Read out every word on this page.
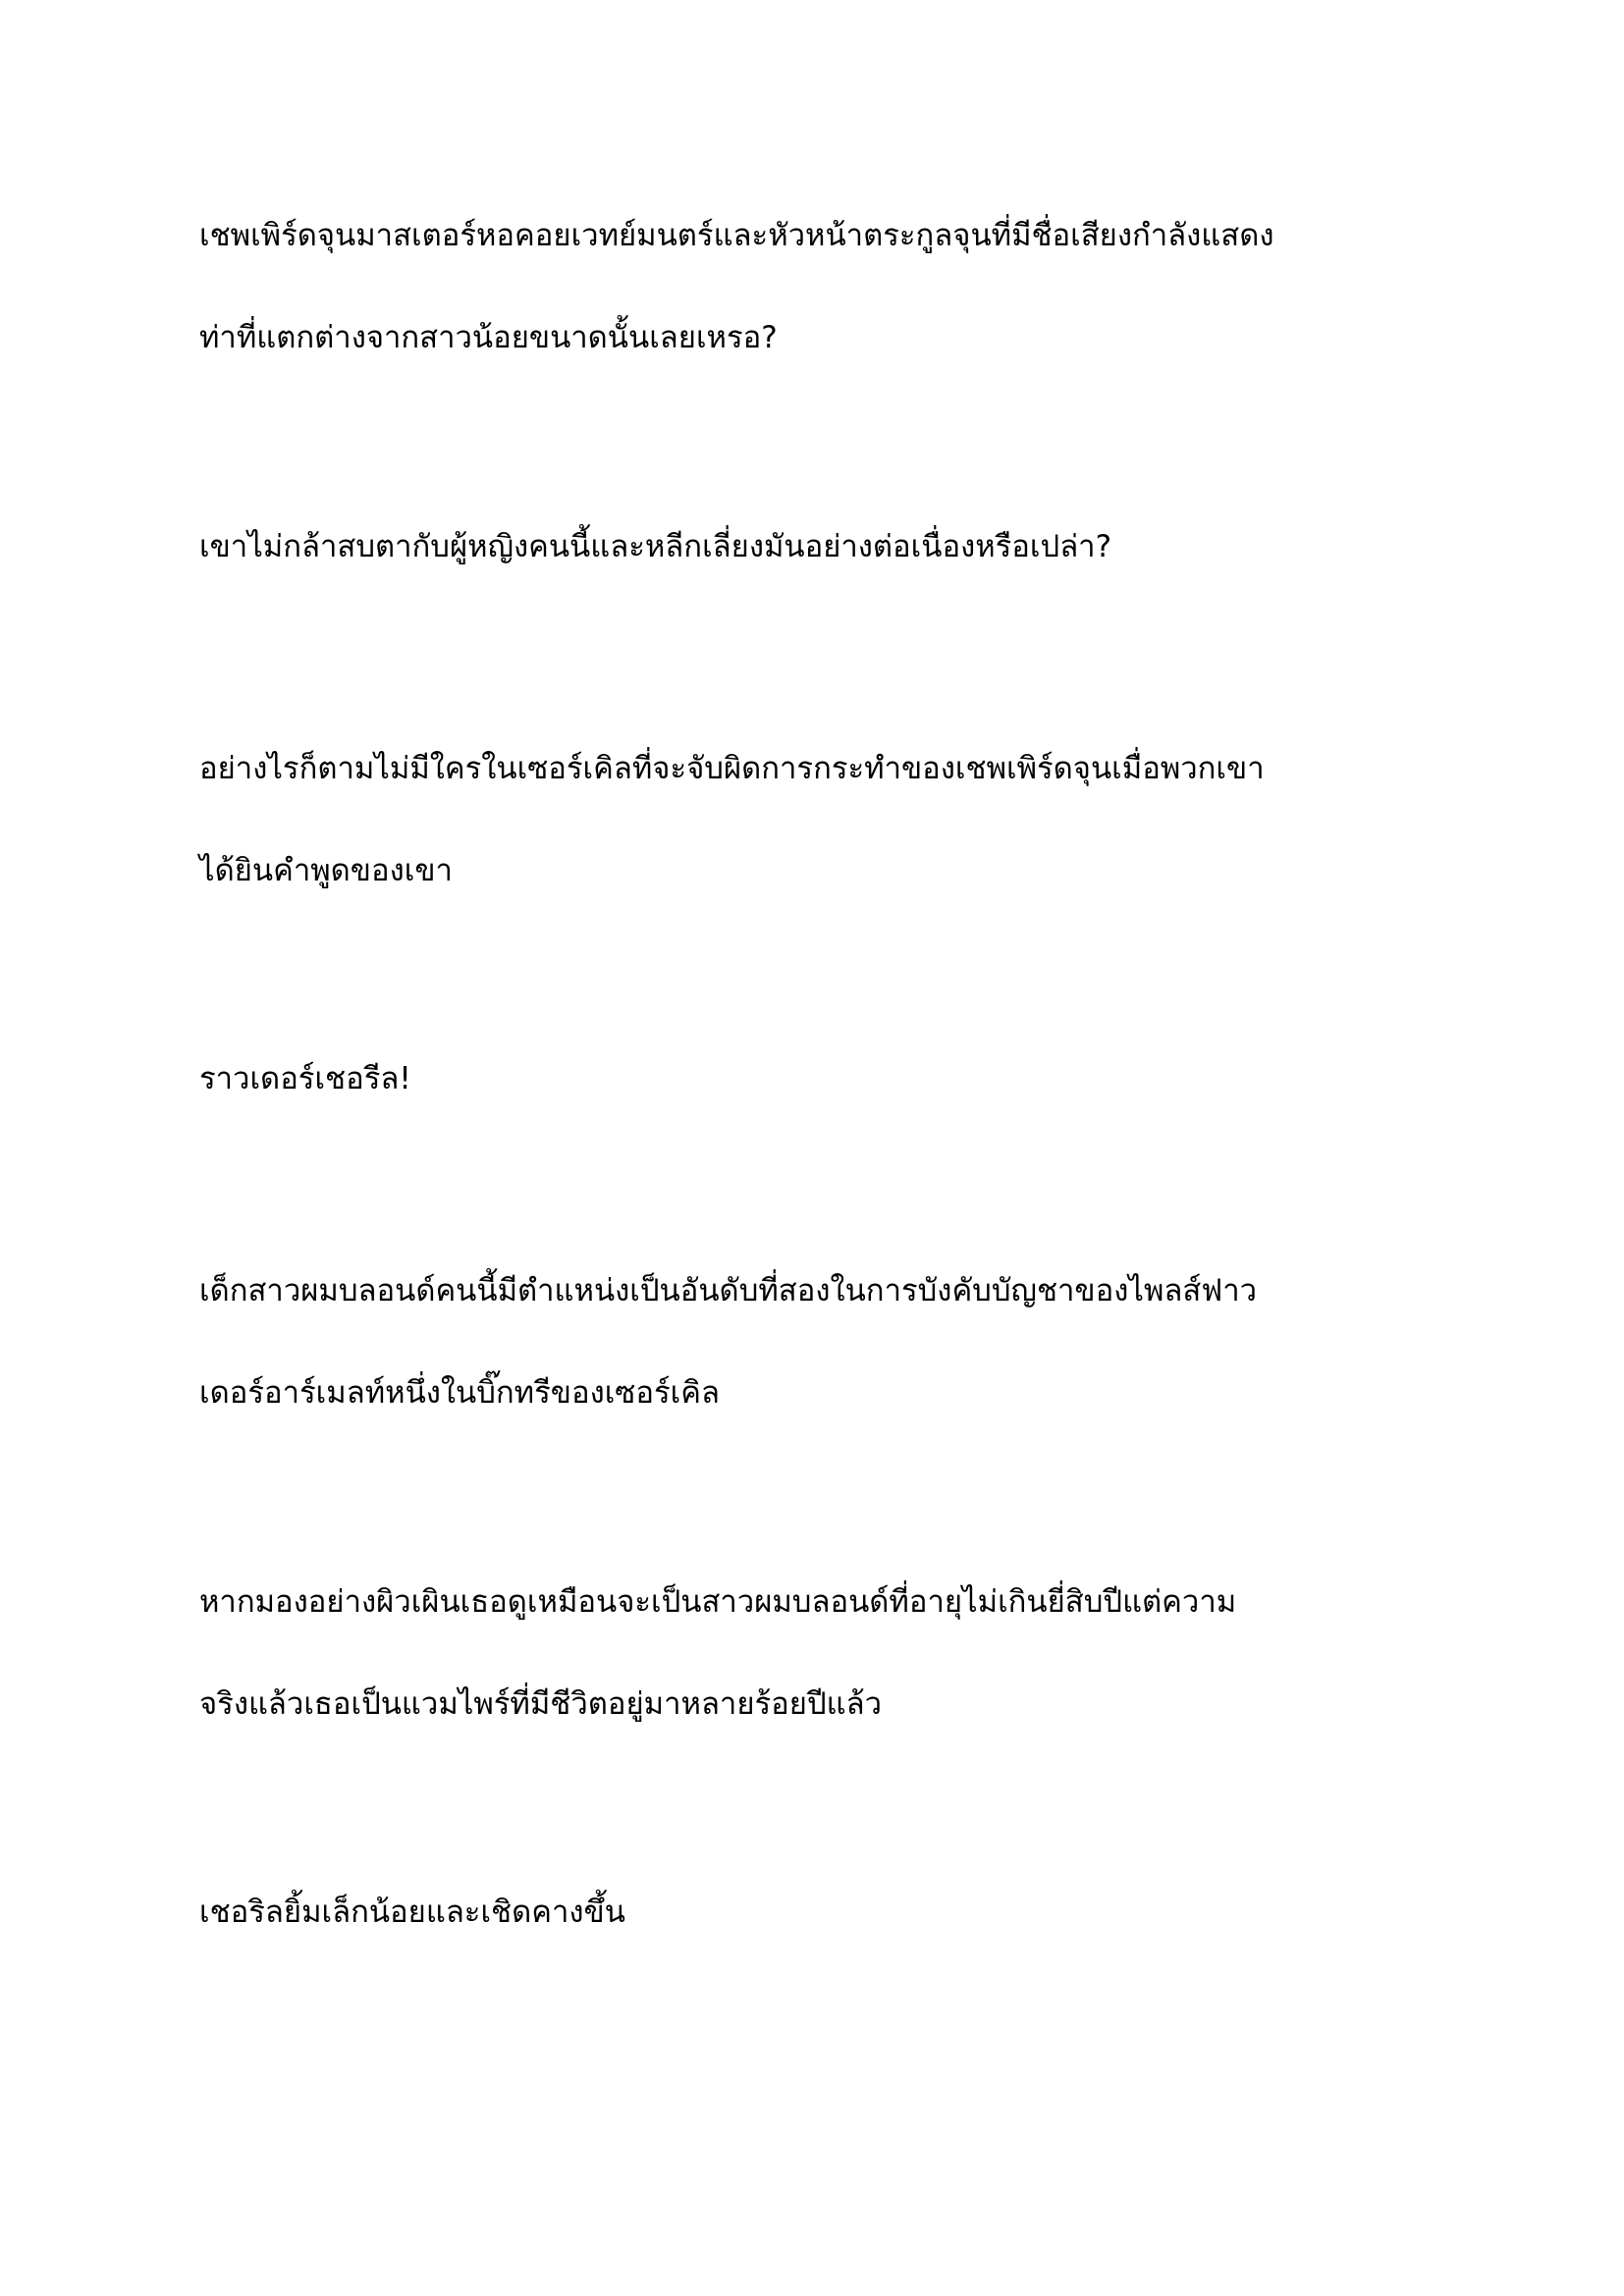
เชพเพิร์ดจุนมาสเตอร์หอคอยเวทย์มนตร์และหัวหน้าตระกูลจุนที่มีชื่อเสียงกำลังแสดง
ท่าที่แตกต่างจากสาวน้อยขนาดนั้นเลยเหรอ?

เขาไม่กล้าสบตากับผู้หญิงคนนี้และหลีกเลี่ยงมันอย่างต่อเนื่องหรือเปล่า?

อย่างไรก็ตามไม่มีใครในเซอร์เคิลที่จะจับผิดการกระทำของเชพเพิร์ดจุนเมื่อพวกเขา
ได้ยินคำพูดของเขา

ราวเดอร์เชอรีล!

เด็กสาวผมบลอนด์คนนี้มีตำแหน่งเป็นอันดับที่สองในการบังคับบัญชาของไพลส์ฟาว
เดอร์อาร์เมลท์หนึ่งในบิ๊กทรีของเซอร์เคิล

หากมองอย่างผิวเผินเธอดูเหมือนจะเป็นสาวผมบลอนด์ที่อายุไม่เกินยี่สิบปีแต่ความ
จริงแล้วเธอเป็นแวมไพร์ที่มีชีวิตอยู่มาหลายร้อยปีแล้ว

เชอริลยิ้มเล็กน้อยและเชิดคางขึ้น
